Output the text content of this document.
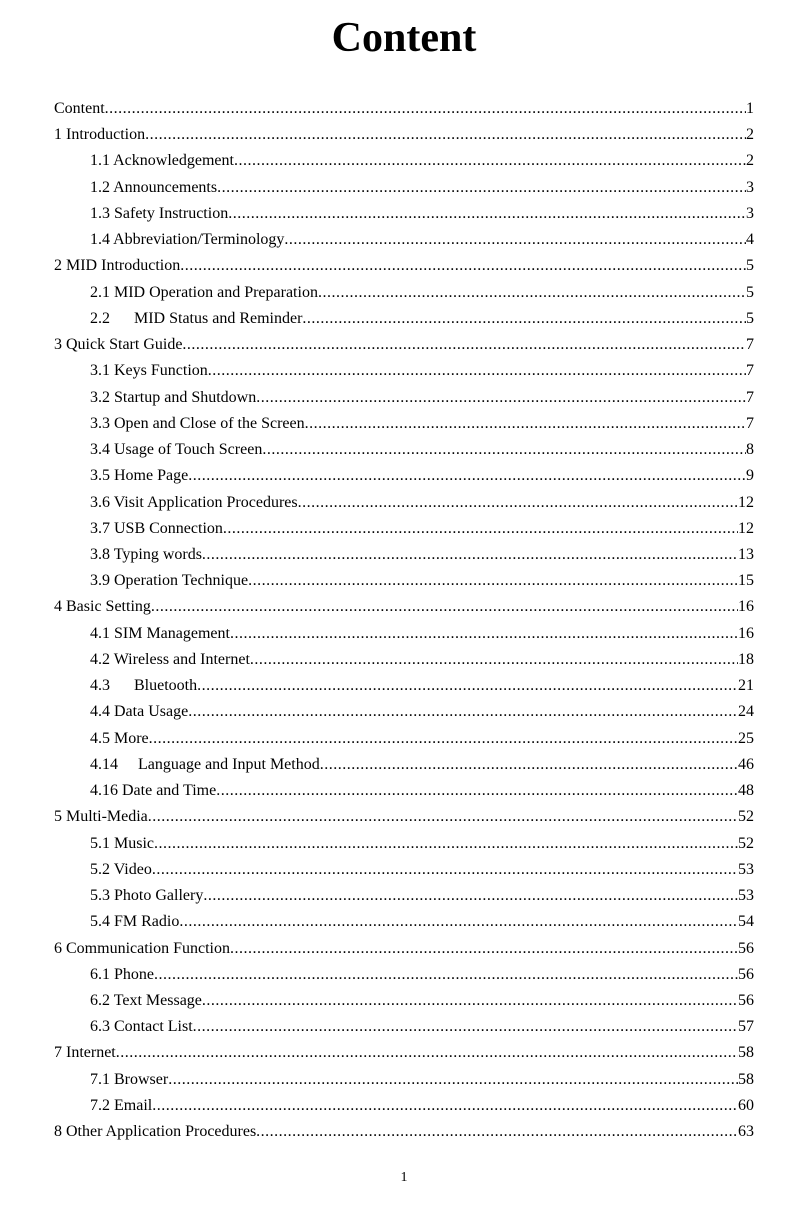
Content
Content .....	1
1 Introduction .....	2
1.1 Acknowledgement .....	2
1.2 Announcements .....	3
1.3 Safety Instruction .....	3
1.4 Abbreviation/Terminology .....	4
2 MID Introduction .....	5
2.1 MID Operation and Preparation .....	5
2.2      MID Status and Reminder .....	5
3 Quick Start Guide .....	7
3.1 Keys Function .....	7
3.2 Startup and Shutdown .....	7
3.3 Open and Close of the Screen .....	7
3.4 Usage of Touch Screen .....	8
3.5 Home Page .....	9
3.6 Visit Application Procedures .....	12
3.7 USB Connection .....	12
3.8 Typing words .....	13
3.9 Operation Technique .....	15
4 Basic Setting .....	16
4.1 SIM Management .....	16
4.2 Wireless and Internet .....	18
4.3      Bluetooth .....	21
4.4 Data Usage .....	24
4.5 More .....	25
4.14     Language and Input Method .....	46
4.16 Date and Time .....	48
5 Multi-Media .....	52
5.1 Music .....	52
5.2 Video .....	53
5.3 Photo Gallery .....	53
5.4 FM Radio .....	54
6 Communication Function .....	56
6.1 Phone .....	56
6.2 Text Message .....	56
6.3 Contact List .....	57
7 Internet .....	58
7.1 Browser .....	58
7.2 Email .....	60
8 Other Application Procedures .....	63
1
